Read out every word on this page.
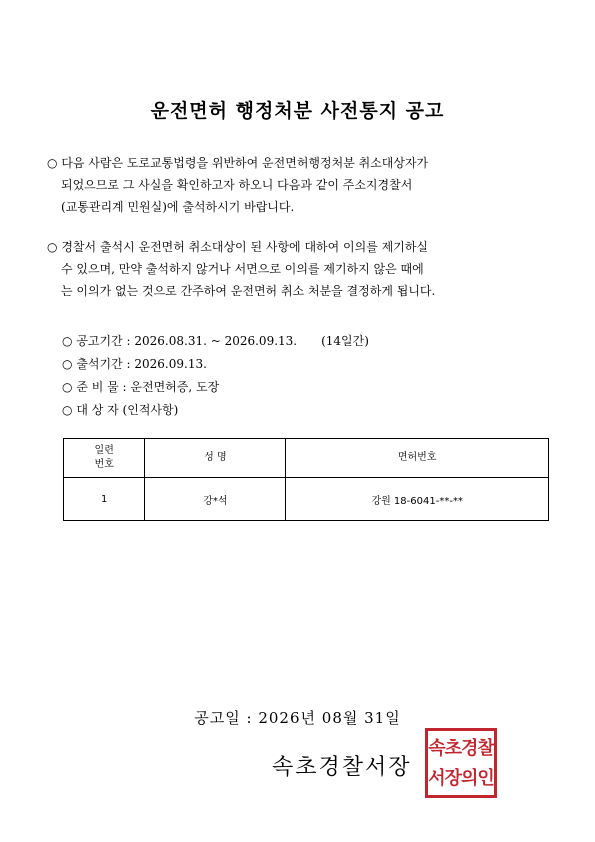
운전면허 행정처분 사전통지 공고
○ 다음 사람은 도로교통법령을 위반하여 운전면허행정처분 취소대상자가
되었으므로 그 사실을 확인하고자 하오니 다음과 같이 주소지경찰서
(교통관리계 민원실)에 출석하시기 바랍니다.
○ 경찰서 출석시 운전면허 취소대상이 된 사항에 대하여 이의를 제기하실
수 있으며, 만약 출석하지 않거나 서면으로 이의를 제기하지 않은 때에
는 이의가 없는 것으로 간주하여 운전면허 취소 처분을 결정하게 됩니다.
○ 공고기간 : 2026.08.31. ~ 2026.09.13. (14일간)
○ 출석기간 : 2026.09.13.
○ 준 비 물 : 운전면허증, 도장
○ 대 상 자 (인적사항)
일련
번호	성 명	면허번호
1	강*석	강원 18-6041-**-**
공고일 : 2026년 08월 31일
속초경찰서장
속초경찰
서장의인
